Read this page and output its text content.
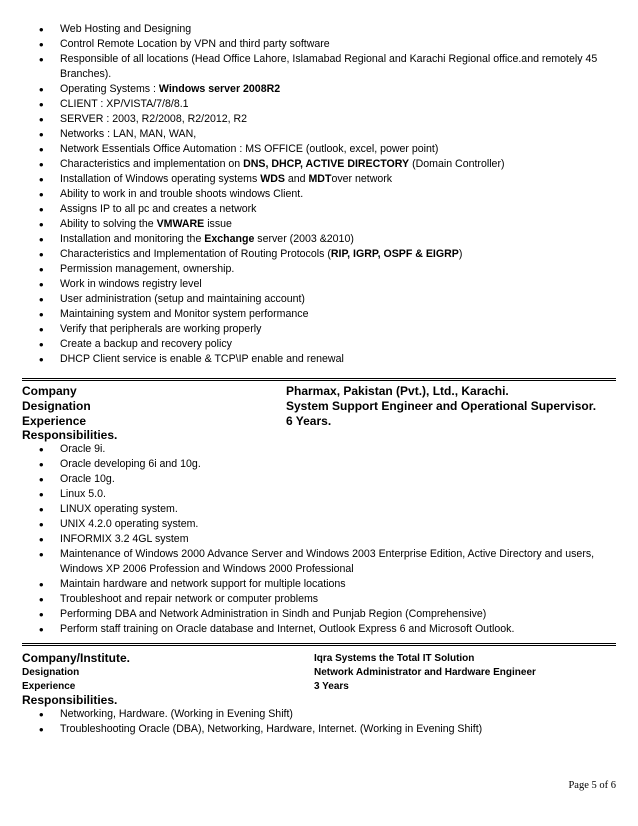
• Web Hosting and Designing
• Control Remote Location by VPN and third party software
• Responsible of all locations (Head Office Lahore, Islamabad Regional and Karachi Regional office.and remotely 45 Branches).
• Operating Systems : Windows server 2008R2
• CLIENT : XP/VISTA/7/8/8.1
• SERVER : 2003, R2/2008, R2/2012, R2
• Networks : LAN, MAN, WAN,
• Network Essentials Office Automation : MS OFFICE (outlook, excel, power point)
• Characteristics and implementation on DNS, DHCP, ACTIVE DIRECTORY (Domain Controller)
• Installation of Windows operating systems WDS and MDTover network
• Ability to work in and trouble shoots windows Client.
• Assigns IP to all pc and creates a network
• Ability to solving the VMWARE issue
• Installation and monitoring the Exchange server (2003 &2010)
• Characteristics and Implementation of Routing Protocols (RIP, IGRP, OSPF & EIGRP)
• Permission management, ownership.
• Work in windows registry level
• User administration (setup and maintaining account)
• Maintaining system and Monitor system performance
• Verify that peripherals are working properly
• Create a backup and recovery policy
• DHCP Client service is enable & TCP\IP enable and renewal
Company	Pharmax, Pakistan (Pvt.), Ltd., Karachi.
Designation	System Support Engineer and Operational Supervisor.
Experience	6 Years.
Responsibilities.
• Oracle 9i.
• Oracle developing 6i and 10g.
• Oracle 10g.
• Linux 5.0.
• LINUX operating system.
• UNIX 4.2.0 operating system.
• INFORMIX 3.2 4GL system
• Maintenance of Windows 2000 Advance Server and Windows 2003 Enterprise Edition, Active Directory and users, Windows XP 2006 Profession and Windows 2000 Professional
• Maintain hardware and network support for multiple locations
• Troubleshoot and repair network or computer problems
• Performing DBA and Network Administration in Sindh and Punjab Region (Comprehensive)
• Perform staff training on Oracle database and Internet, Outlook Express 6 and Microsoft Outlook.
Company/Institute.	Iqra Systems the Total IT Solution
Designation	Network Administrator and Hardware Engineer
Experience	3 Years
Responsibilities.
• Networking, Hardware. (Working in Evening Shift)
• Troubleshooting Oracle (DBA), Networking, Hardware, Internet. (Working in Evening Shift)
Page 5 of 6
